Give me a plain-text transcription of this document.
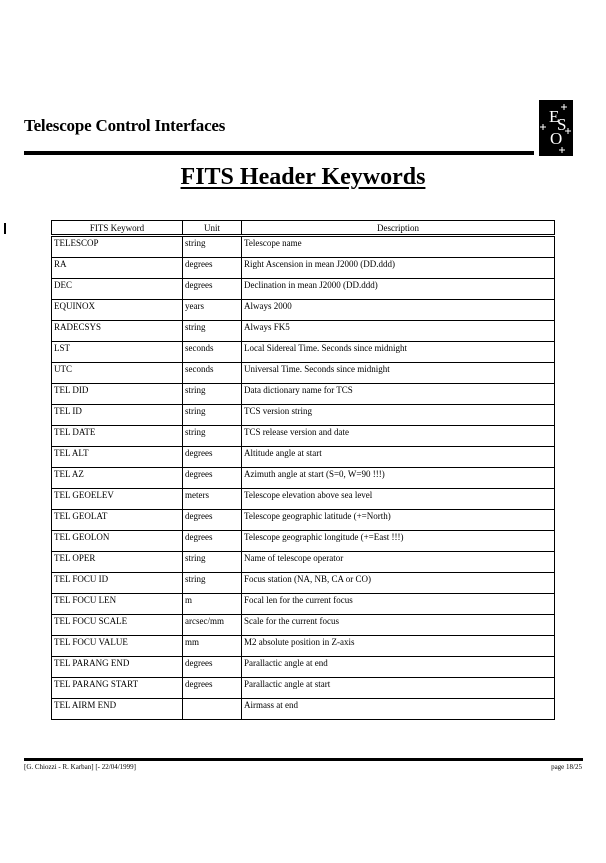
Telescope Control Interfaces	E
S
O
FITS Header Keywords
FITS Keyword	Unit	Description
TELESCOP	string	Telescope name
RA	degrees	Right Ascension in mean J2000 (DD.ddd)
DEC	degrees	Declination in mean J2000 (DD.ddd)
EQUINOX	years	Always 2000
RADECSYS	string	Always FK5
LST	seconds	Local Sidereal Time. Seconds since midnight
UTC	seconds	Universal Time. Seconds since midnight
TEL DID	string	Data dictionary name for TCS
TEL ID	string	TCS version string
TEL DATE	string	TCS release version and date
TEL ALT	degrees	Altitude angle at start
TEL AZ	degrees	Azimuth angle at start (S=0, W=90 !!!)
TEL GEOELEV	meters	Telescope elevation above sea level
TEL GEOLAT	degrees	Telescope geographic latitude (+=North)
TEL GEOLON	degrees	Telescope geographic longitude (+=East !!!)
TEL OPER	string	Name of telescope operator
TEL FOCU ID	string	Focus station (NA, NB, CA or CO)
TEL FOCU LEN	m	Focal len for the current focus
TEL FOCU SCALE	arcsec/mm	Scale for the current focus
TEL FOCU VALUE	mm	M2 absolute position in Z-axis
TEL PARANG END	degrees	Parallactic angle at end
TEL PARANG START	degrees	Parallactic angle at start
TEL AIRM END		Airmass at end
[G. Chiozzi - R. Karban] [- 22/04/1999]	page 18/25
